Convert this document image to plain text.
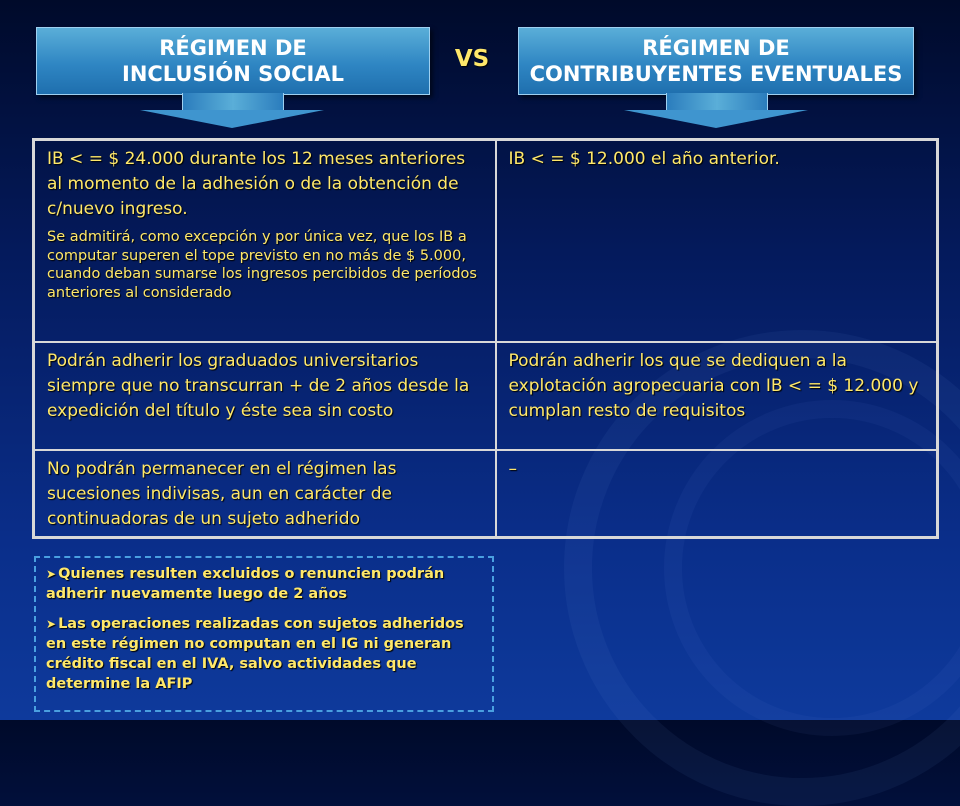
RÉGIMEN DE
INCLUSIÓN SOCIAL
VS	RÉGIMEN DE
CONTRIBUYENTES EVENTUALES
IB < = $ 24.000 durante los 12 meses anteriores al momento de la adhesión o de la obtención de c/nuevo ingreso.
Se admitirá, como excepción y por única vez, que los IB a computar superen el tope previsto en no más de $ 5.000, cuando deban sumarse los ingresos percibidos de períodos anteriores al considerado	IB < = $ 12.000 el año anterior.
Podrán adherir los graduados universitarios siempre que no transcurran + de 2 años desde la expedición del título y éste sea sin costo	Podrán adherir los que se dediquen a la explotación agropecuaria con IB < = $ 12.000 y cumplan resto de requisitos
No podrán permanecer en el régimen las sucesiones indivisas, aun en carácter de continuadoras de un sujeto adherido	–
➤ Quienes resulten excluidos o renuncien podrán adherir nuevamente luego de 2 años
➤ Las operaciones realizadas con sujetos adheridos en este régimen no computan en el IG ni generan crédito fiscal en el IVA, salvo actividades que determine la AFIP
